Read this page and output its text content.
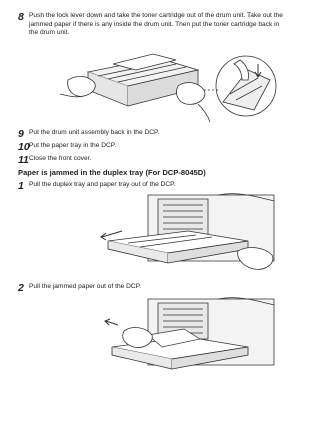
8 Push the lock lever down and take the toner cartridge out of the drum unit. Take out the jammed paper if there is any inside the drum unit. Then put the toner cartridge back in the drum unit.
9 Put the drum unit assembly back in the DCP.
10 Put the paper tray in the DCP.
11 Close the front cover.
Paper is jammed in the duplex tray (For DCP-8045D)
1 Pull the duplex tray and paper tray out of the DCP.
2 Pull the jammed paper out of the DCP.
